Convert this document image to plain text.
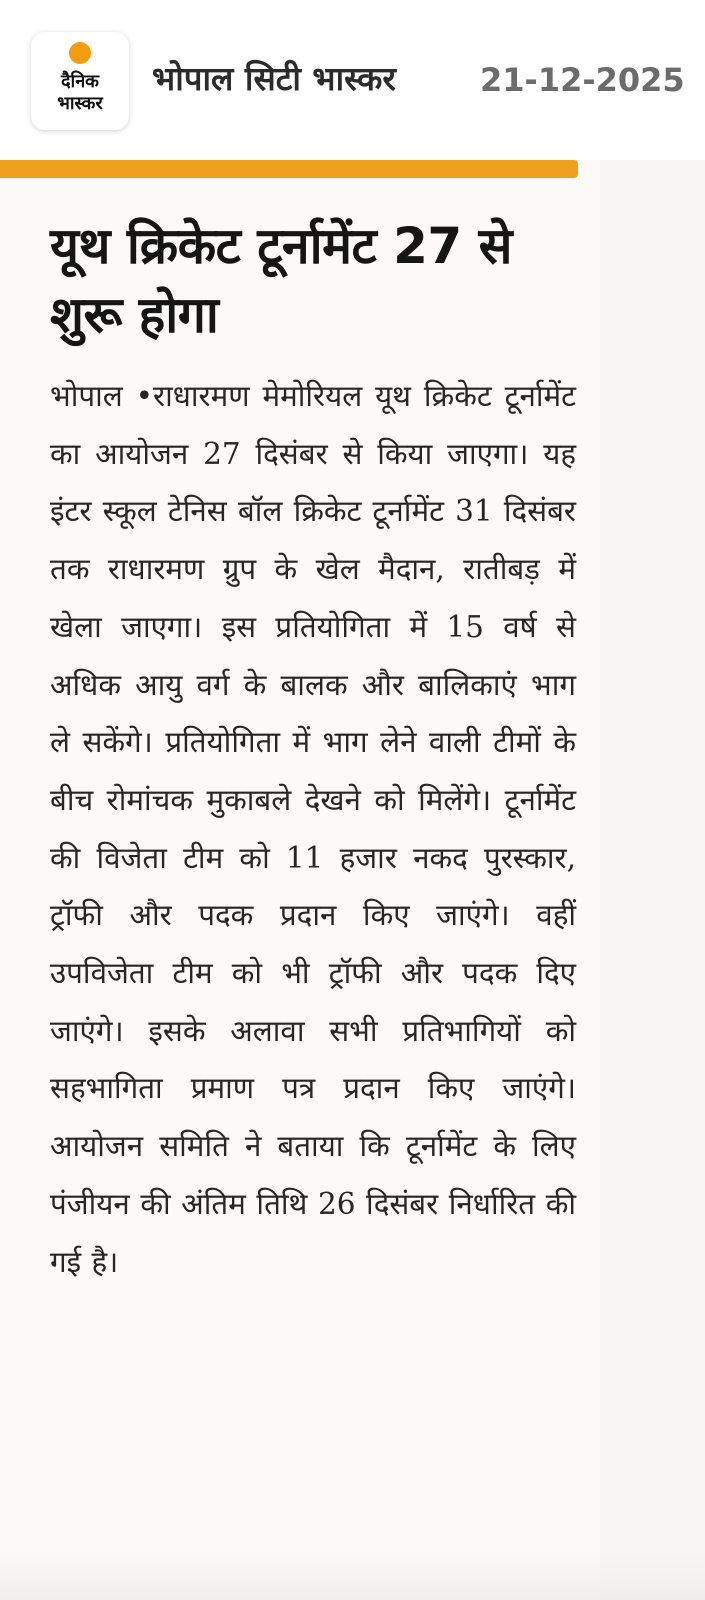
दैनिक
भास्कर
भोपाल सिटी भास्कर	21-12-2025
यूथ क्रिकेट टूर्नामेंट 27 से शुरू होगा
भोपाल •राधारमण मेमोरियल यूथ क्रिकेट टूर्नामेंट का आयोजन 27 दिसंबर से किया जाएगा। यह इंटर स्कूल टेनिस बॉल क्रिकेट टूर्नामेंट 31 दिसंबर तक राधारमण ग्रुप के खेल मैदान, रातीबड़ में खेला जाएगा। इस प्रतियोगिता में 15 वर्ष से अधिक आयु वर्ग के बालक और बालिकाएं भाग ले सकेंगे। प्रतियोगिता में भाग लेने वाली टीमों के बीच रोमांचक मुकाबले देखने को मिलेंगे। टूर्नामेंट की विजेता टीम को 11 हजार नकद पुरस्कार, ट्रॉफी और पदक प्रदान किए जाएंगे। वहीं उपविजेता टीम को भी ट्रॉफी और पदक दिए जाएंगे। इसके अलावा सभी प्रतिभागियों को सहभागिता प्रमाण पत्र प्रदान किए जाएंगे। आयोजन समिति ने बताया कि टूर्नामेंट के लिए पंजीयन की अंतिम तिथि 26 दिसंबर निर्धारित की गई है।
